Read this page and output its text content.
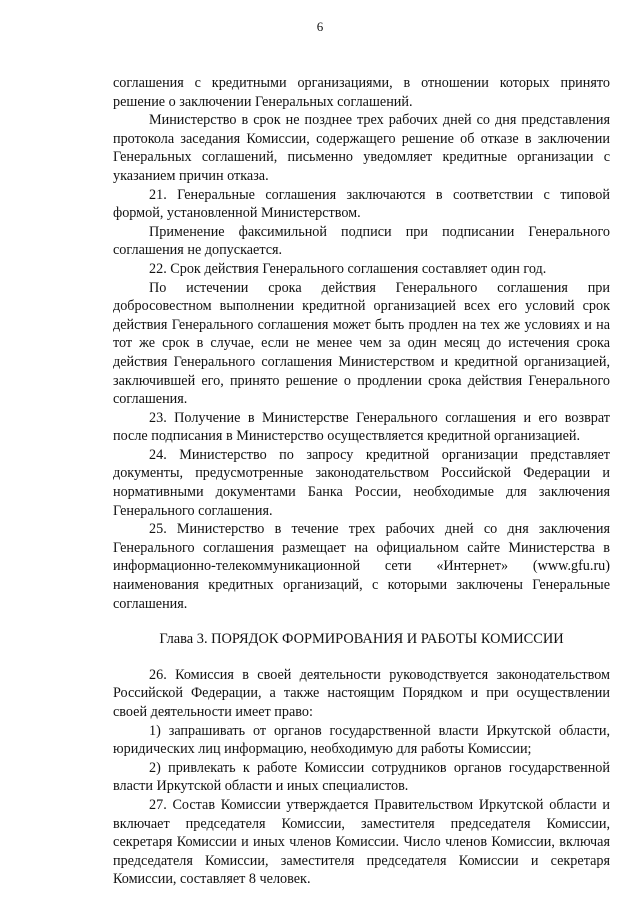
6

соглашения с кредитными организациями, в отношении которых принято решение о заключении Генеральных соглашений.

Министерство в срок не позднее трех рабочих дней со дня представления протокола заседания Комиссии, содержащего решение об отказе в заключении Генеральных соглашений, письменно уведомляет кредитные организации с указанием причин отказа.

21. Генеральные соглашения заключаются в соответствии с типовой формой, установленной Министерством.

Применение факсимильной подписи при подписании Генерального соглашения не допускается.

22. Срок действия Генерального соглашения составляет один год.

По истечении срока действия Генерального соглашения при добросовестном выполнении кредитной организацией всех его условий срок действия Генерального соглашения может быть продлен на тех же условиях и на тот же срок в случае, если не менее чем за один месяц до истечения срока действия Генерального соглашения Министерством и кредитной организацией, заключившей его, принято решение о продлении срока действия Генерального соглашения.

23. Получение в Министерстве Генерального соглашения и его возврат после подписания в Министерство осуществляется кредитной организацией.

24. Министерство по запросу кредитной организации представляет документы, предусмотренные законодательством Российской Федерации и нормативными документами Банка России, необходимые для заключения Генерального соглашения.

25. Министерство в течение трех рабочих дней со дня заключения Генерального соглашения размещает на официальном сайте Министерства в информационно-телекоммуникационной сети «Интернет» (www.gfu.ru) наименования кредитных организаций, с которыми заключены Генеральные соглашения.

Глава 3. ПОРЯДОК ФОРМИРОВАНИЯ И РАБОТЫ КОМИССИИ

26. Комиссия в своей деятельности руководствуется законодательством Российской Федерации, а также настоящим Порядком и при осуществлении своей деятельности имеет право:

1) запрашивать от органов государственной власти Иркутской области, юридических лиц информацию, необходимую для работы Комиссии;

2) привлекать к работе Комиссии сотрудников органов государственной власти Иркутской области и иных специалистов.

27. Состав Комиссии утверждается Правительством Иркутской области и включает председателя Комиссии, заместителя председателя Комиссии, секретаря Комиссии и иных членов Комиссии. Число членов Комиссии, включая председателя Комиссии, заместителя председателя Комиссии и секретаря Комиссии, составляет 8 человек.
